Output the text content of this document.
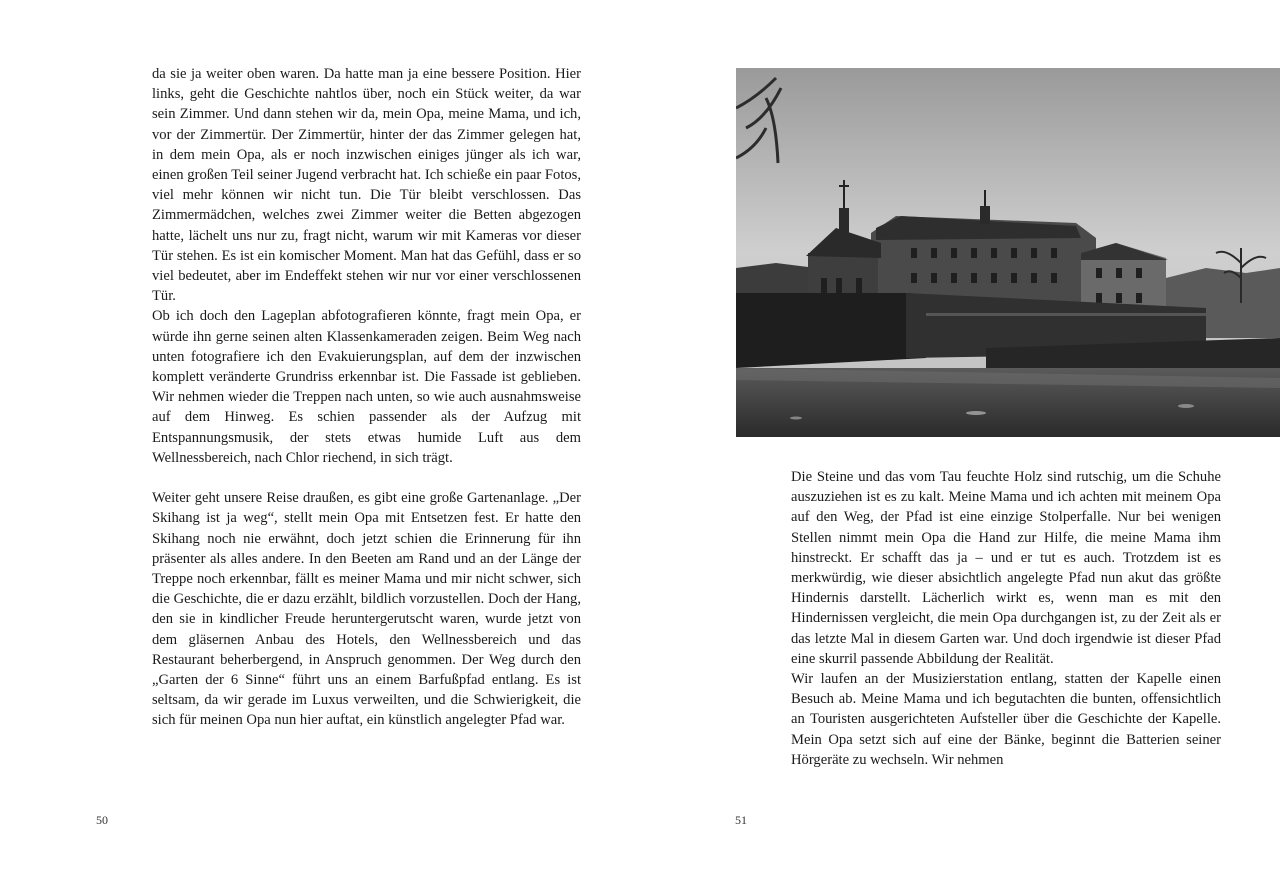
da sie ja weiter oben waren. Da hatte man ja eine bessere Position. Hier links, geht die Geschichte nahtlos über, noch ein Stück weiter, da war sein Zimmer. Und dann stehen wir da, mein Opa, meine Mama, und ich, vor der Zimmertür. Der Zimmertür, hinter der das Zimmer gelegen hat, in dem mein Opa, als er noch inzwischen einiges jünger als ich war, einen großen Teil seiner Jugend verbracht hat. Ich schieße ein paar Fotos, viel mehr können wir nicht tun. Die Tür bleibt verschlossen. Das Zimmermädchen, welches zwei Zimmer weiter die Betten abgezogen hatte, lächelt uns nur zu, fragt nicht, warum wir mit Kameras vor dieser Tür stehen. Es ist ein komischer Moment. Man hat das Gefühl, dass er so viel bedeutet, aber im Endeffekt stehen wir nur vor einer verschlossenen Tür.

Ob ich doch den Lageplan abfotografieren könnte, fragt mein Opa, er würde ihn gerne seinen alten Klassenkameraden zeigen. Beim Weg nach unten fotografiere ich den Evakuierungsplan, auf dem der inzwischen komplett veränderte Grundriss erkennbar ist. Die Fassade ist geblieben. Wir nehmen wieder die Treppen nach unten, so wie auch ausnahmsweise auf dem Hinweg. Es schien passender als der Aufzug mit Entspannungsmusik, der stets etwas humide Luft aus dem Wellnessbereich, nach Chlor riechend, in sich trägt.

Weiter geht unsere Reise draußen, es gibt eine große Gartenanlage. „Der Skihang ist ja weg“, stellt mein Opa mit Entsetzen fest. Er hatte den Skihang noch nie erwähnt, doch jetzt schien die Erinnerung für ihn präsenter als alles andere. In den Beeten am Rand und an der Länge der Treppe noch erkennbar, fällt es meiner Mama und mir nicht schwer, sich die Geschichte, die er dazu erzählt, bildlich vorzustellen. Doch der Hang, den sie in kindlicher Freude heruntergerutscht waren, wurde jetzt von dem gläsernen Anbau des Hotels, den Wellnessbereich und das Restaurant beherbergend, in Anspruch genommen. Der Weg durch den „Garten der 6 Sinne“ führt uns an einem Barfußpfad entlang. Es ist seltsam, da wir gerade im Luxus verweilten, und die Schwierigkeit, die sich für meinen Opa nun hier auftat, ein künstlich angelegter Pfad war.

50

Die Steine und das vom Tau feuchte Holz sind rutschig, um die Schuhe auszuziehen ist es zu kalt. Meine Mama und ich achten mit meinem Opa auf den Weg, der Pfad ist eine einzige Stolperfalle. Nur bei wenigen Stellen nimmt mein Opa die Hand zur Hilfe, die meine Mama ihm hinstreckt. Er schafft das ja – und er tut es auch. Trotzdem ist es merkwürdig, wie dieser absichtlich angelegte Pfad nun akut das größte Hindernis darstellt. Lächerlich wirkt es, wenn man es mit den Hindernissen vergleicht, die mein Opa durchgangen ist, zu der Zeit als er das letzte Mal in diesem Garten war. Und doch irgendwie ist dieser Pfad eine skurril passende Abbildung der Realität.

Wir laufen an der Musizierstation entlang, statten der Kapelle einen Besuch ab. Meine Mama und ich begutachten die bunten, offensichtlich an Touristen ausgerichteten Aufsteller über die Geschichte der Kapelle. Mein Opa setzt sich auf eine der Bänke, beginnt die Batterien seiner Hörgeräte zu wechseln. Wir nehmen

51
